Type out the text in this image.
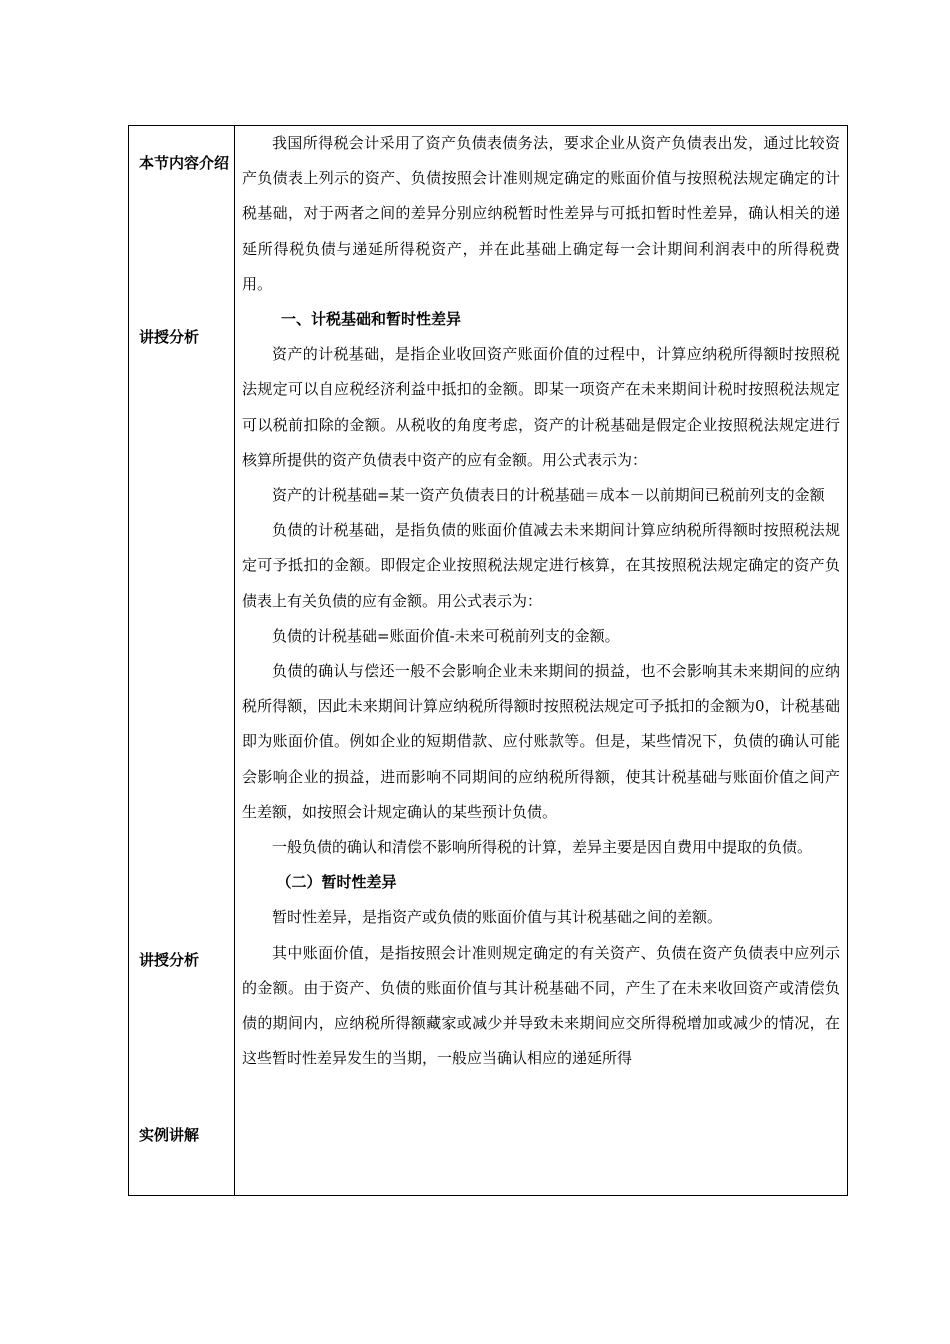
本节内容介绍
讲授分析
讲授分析
实例讲解

我国所得税会计采用了资产负债表债务法，要求企业从资产负债表出发，通过比较资产负债表上列示的资产、负债按照会计准则规定确定的账面价值与按照税法规定确定的计税基础，对于两者之间的差异分别应纳税暂时性差异与可抵扣暂时性差异，确认相关的递延所得税负债与递延所得税资产，并在此基础上确定每一会计期间利润表中的所得税费用。

一、计税基础和暂时性差异

资产的计税基础，是指企业收回资产账面价值的过程中，计算应纳税所得额时按照税法规定可以自应税经济利益中抵扣的金额。即某一项资产在未来期间计税时按照税法规定可以税前扣除的金额。从税收的角度考虑，资产的计税基础是假定企业按照税法规定进行核算所提供的资产负债表中资产的应有金额。用公式表示为：

资产的计税基础=某一资产负债表日的计税基础＝成本－以前期间已税前列支的金额

负债的计税基础，是指负债的账面价值减去未来期间计算应纳税所得额时按照税法规定可予抵扣的金额。即假定企业按照税法规定进行核算，在其按照税法规定确定的资产负债表上有关负债的应有金额。用公式表示为：

负债的计税基础=账面价值-未来可税前列支的金额。

负债的确认与偿还一般不会影响企业未来期间的损益，也不会影响其未来期间的应纳税所得额，因此未来期间计算应纳税所得额时按照税法规定可予抵扣的金额为0，计税基础即为账面价值。例如企业的短期借款、应付账款等。但是，某些情况下，负债的确认可能会影响企业的损益，进而影响不同期间的应纳税所得额，使其计税基础与账面价值之间产生差额，如按照会计规定确认的某些预计负债。

一般负债的确认和清偿不影响所得税的计算，差异主要是因自费用中提取的负债。

（二）暂时性差异

暂时性差异，是指资产或负债的账面价值与其计税基础之间的差额。

其中账面价值，是指按照会计准则规定确定的有关资产、负债在资产负债表中应列示的金额。由于资产、负债的账面价值与其计税基础不同，产生了在未来收回资产或清偿负债的期间内，应纳税所得额藏家或减少并导致未来期间应交所得税增加或减少的情况，在这些暂时性差异发生的当期，一般应当确认相应的递延所得
